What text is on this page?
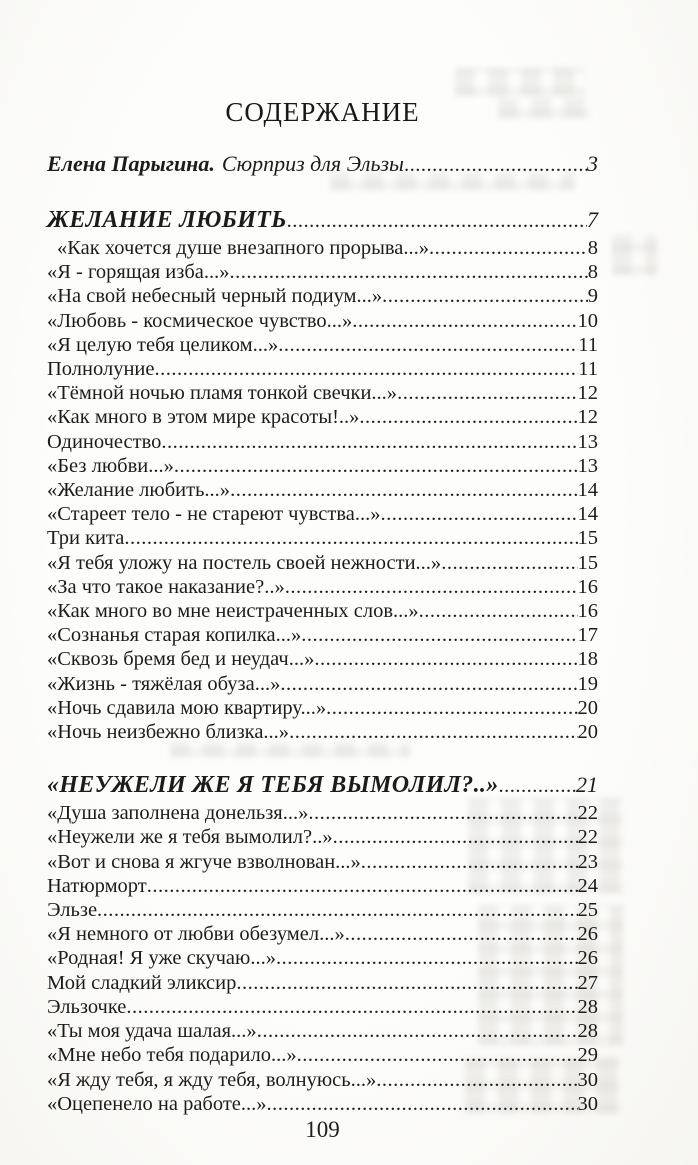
СОДЕРЖАНИЕ
Елена Парыгина. Сюрприз для Эльзы .....	3
ЖЕЛАНИЕ ЛЮБИТЬ .....	7
«Как хочется душе внезапного прорыва...» .....	8
«Я - горящая изба...» .....	8
«На свой небесный черный подиум...» .....	9
«Любовь - космическое чувство...» .....	10
«Я целую тебя целиком...» .....	11
Полнолуние .....	11
«Тёмной ночью пламя тонкой свечки...» .....	12
«Как много в этом мире красоты!..» .....	12
Одиночество .....	13
«Без любви...» .....	13
«Желание любить...» .....	14
«Стареет тело - не стареют чувства...» .....	14
Три кита .....	15
«Я тебя уложу на постель своей нежности...» .....	15
«За что такое наказание?..» .....	16
«Как много во мне неистраченных слов...» .....	16
«Сознанья старая копилка...» .....	17
«Сквозь бремя бед и неудач...» .....	18
«Жизнь - тяжёлая обуза...» .....	19
«Ночь сдавила мою квартиру...» .....	20
«Ночь неизбежно близка...» .....	20
«НЕУЖЕЛИ ЖЕ Я ТЕБЯ ВЫМОЛИЛ?..» .....	21
«Душа заполнена донельзя...» .....	22
«Неужели же я тебя вымолил?..» .....	22
«Вот и снова я жгуче взволнован...» .....	23
Натюрморт .....	24
Эльзе .....	25
«Я немного от любви обезумел...» .....	26
«Родная! Я уже скучаю...» .....	26
Мой сладкий эликсир .....	27
Эльзочке .....	28
«Ты моя удача шалая...» .....	28
«Мне небо тебя подарило...» .....	29
«Я жду тебя, я жду тебя, волнуюсь...» .....	30
«Оцепенело на работе...» .....	30
109
